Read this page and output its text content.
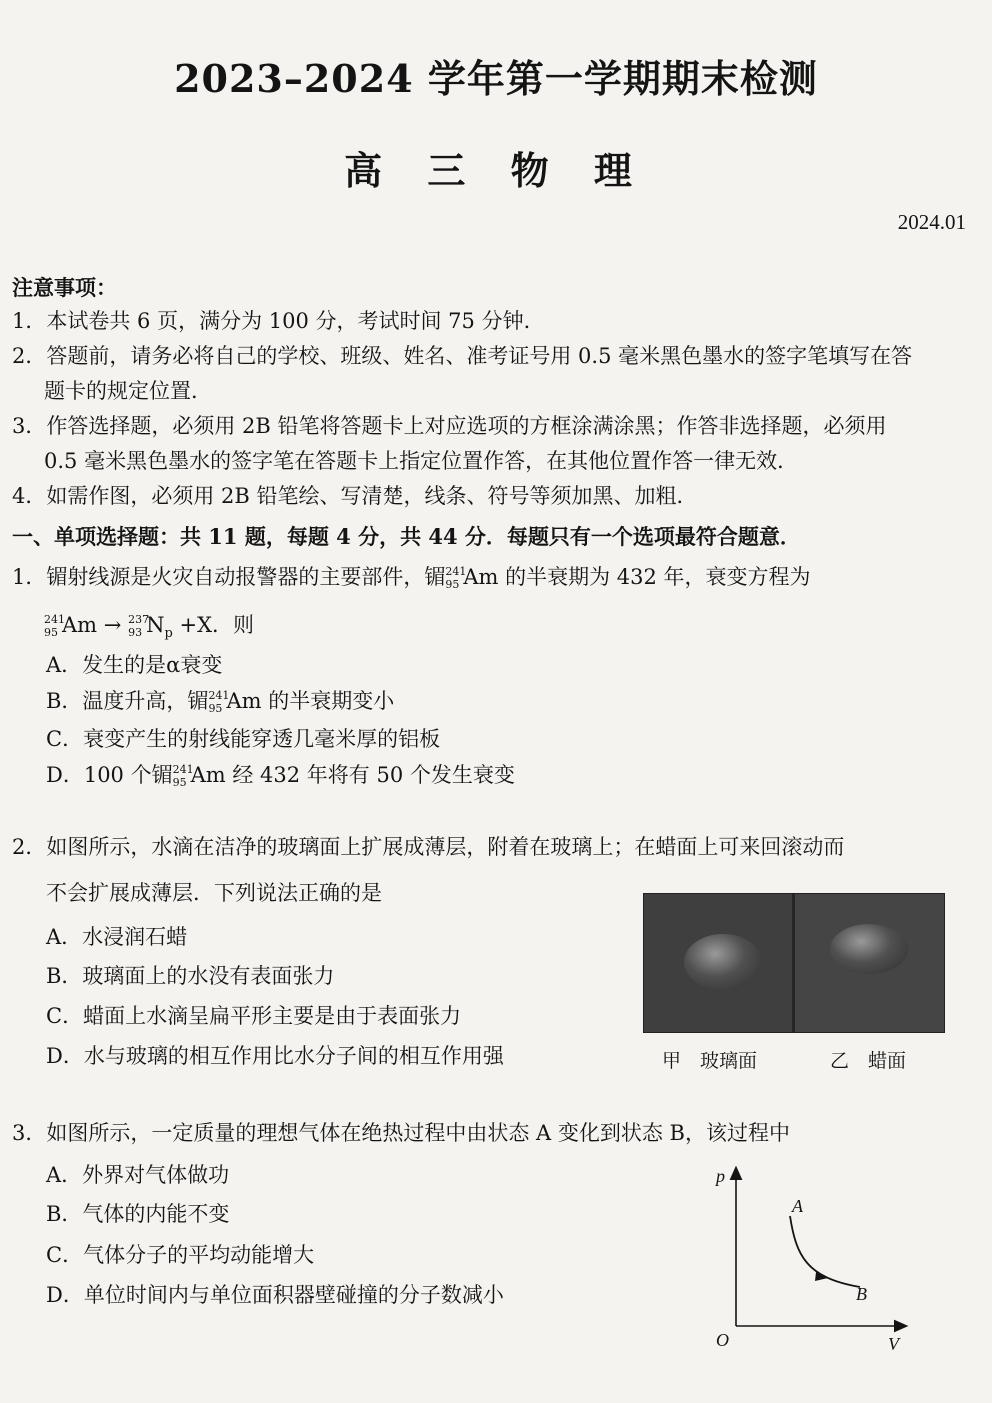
2023–2024 学年第一学期期末检测
高 三 物 理
2024.01
注意事项：
1．本试卷共 6 页，满分为 100 分，考试时间 75 分钟．
2．答题前，请务必将自己的学校、班级、姓名、准考证号用 0.5 毫米黑色墨水的签字笔填写在答
题卡的规定位置．
3．作答选择题，必须用 2B 铅笔将答题卡上对应选项的方框涂满涂黑；作答非选择题，必须用
0.5 毫米黑色墨水的签字笔在答题卡上指定位置作答，在其他位置作答一律无效．
4．如需作图，必须用 2B 铅笔绘、写清楚，线条、符号等须加黑、加粗．
一、单项选择题：共 11 题，每题 4 分，共 44 分．每题只有一个选项最符合题意．
1．镅射线源是火灾自动报警器的主要部件，镅 241
95 Am 的半衰期为 432 年，衰变方程为
241
95 Am → 237
93 $N_p +X$．则
A．发生的是α衰变
B．温度升高，镅 241
95 Am 的半衰期变小
C．衰变产生的射线能穿透几毫米厚的铝板
D．100 个镅 241
95 Am 经 432 年将有 50 个发生衰变
2．如图所示，水滴在洁净的玻璃面上扩展成薄层，附着在玻璃上；在蜡面上可来回滚动而
不会扩展成薄层．下列说法正确的是
A．水浸润石蜡
B．玻璃面上的水没有表面张力
C．蜡面上水滴呈扁平形主要是由于表面张力
D．水与玻璃的相互作用比水分子间的相互作用强	甲　玻璃面	乙　蜡面
3．如图所示，一定质量的理想气体在绝热过程中由状态 A 变化到状态 B，该过程中
A．外界对气体做功
B．气体的内能不变
C．气体分子的平均动能增大
D．单位时间内与单位面积器壁碰撞的分子数减小
p
V
O
A
B
